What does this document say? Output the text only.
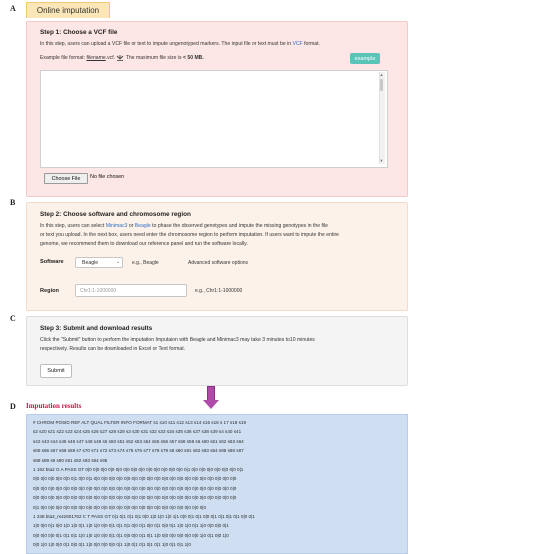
A
B
C
D
Online imputation
Step 1: Choose a VCF file
In this step, users can upload a VCF file or text to impute ungenotyped markers. The input file or text must be in VCF format.
Example file format: filename.vcf.  The maximum file size is < 50 MB.	example
▲
▼
Choose File	No file chosen
Step 2: Choose software and chromosome region
In this step, users can select Minimac3 or Beagle to phase the observed genotypes and impute the missing genotypes in the file
or text you upload. In the next box, users need enter the chromosome region to perform imputation. If users want to impute the entire
genome, we recommend them to download our reference panel and run the software locally.
Software	Beagle	⌄ e.g., Beagle	Advanced software options
Region	Chr1:1-1000000	e.g., Chr1:1-1000000
Step 3: Submit and download results
Click the "Submit" button to perform the imputation Imputaion with Beagle and Minimac3 may take 3 minutes to10 minutes
respectively. Results can be downloaded in Excel or Text format.
Submit
Imputation results
# CHROM POSID REF ALT QUAL FILTER INFO FORMAT s1 s10 s11 s12 s13 s14 s15 s16 s 17 s18 s19
s2 s20 s21 s22 s23 s24 s25 s26 s27 s28 s29 s3 s30 s31 s32 s33 s34 s35 s36 s37 s38 s39 s4 s40 s41
s42 s43 s44 s45 s46 s47 s48 s49 s5 s50 s51 s52 s53 s54 s55 s56 s57 s58 s59 s6 s60 s61 s62 s63 s64
s65 s66 s67 s68 s69 s7 s70 s71 s72 s73 s74 s75 s76 s77 s78 s79 s8 s80 s81 s82 s83 s84 s85 s86 s87
s88 s89 s9 s90 s91 s92 s93 s94 s95
1 192 bta2 G A PASS GT 0|0 0|0 0|0 0|0 0|0 0|0 0|0 0|0 0|0 0|0 0|0 0|0 0|0 0|1 0|0 0|0 0|0 0|0 0|0 0|0 0|1
0|0 0|0 0|0 0|0 0|0 0|1 0|0 0|1 0|0 0|0 0|0 0|0 0|0 0|0 0|0 0|0 0|0 0|0 0|0 0|0 0|0 0|0 0|0 0|0 0|0 0|0 0|0
0|0 0|0 0|0 0|0 0|0 0|0 0|0 0|0 0|0 0|0 0|0 0|0 0|0 0|0 0|0 0|0 0|0 0|0 0|0 0|0 0|0 0|0 0|0 0|0 0|0 0|0 0|0
0|0 0|0 0|0 0|0 0|0 0|0 0|0 0|0 0|0 0|0 0|0 0|0 0|0 0|0 0|0 0|0 0|0 0|0 0|0 0|0 0|0 0|0 0|0 0|0 0|0 0|0 0|0
0|1 0|0 0|0 0|0 0|0 0|0 0|0 0|0 0|0 0|0 0|0 0|0 0|0 0|0 0|0 0|0 0|0 0|0 0|0 0|0 0|0 0|0 0|0
1 238 bta2_rs42601762 C T PASS GT 0|1 0|1 0|1 0|1 0|0 1|0 1|0 1|0 1|1 0|0 0|1 0|1 0|0 0|1 0|1 0|1 0|1 0|0 0|1
1|0 0|0 0|1 0|0 1|0 1|0 0|1 1|0 1|0 0|0 0|1 0|1 0|1 0|0 0|1 0|0 0|1 0|0 0|1 1|0 1|0 0|1 1|0 0|0 0|0 0|1
0|0 0|0 0|0 0|1 0|1 0|1 1|0 1|0 1|0 0|0 0|1 0|1 0|0 0|0 0|1 0|1 1|0 0|0 0|0 0|0 0|0 0|0 1|0 0|1 0|0 1|0
0|0 1|0 1|0 0|0 0|1 0|0 0|1 1|0 0|0 0|0 0|0 0|1 1|0 0|1 0|1 0|1 0|1 1|0 0|1 0|1 1|0
